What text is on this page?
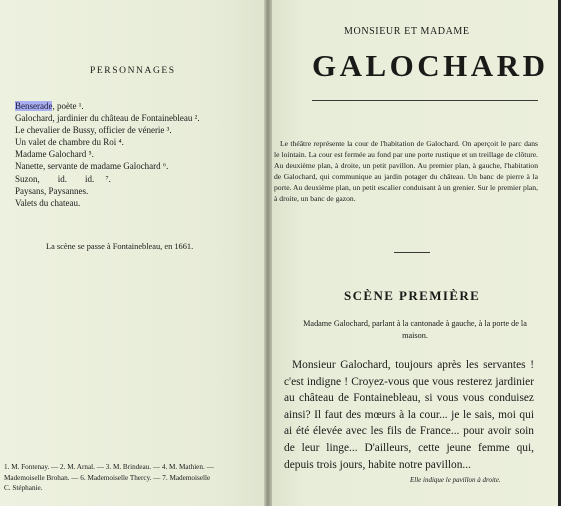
PERSONNAGES
Benserade, poète ¹.
Galochard, jardinier du château de Fontainebleau ².
Le chevalier de Bussy, officier de vénerie ³.
Un valet de chambre du Roi ⁴.
Madame Galochard ⁵.
Nanette, servante de madame Galochard ⁶.
Suzon,        id.        id.     ⁷.
Paysans, Paysannes.
Valets du chateau.
La scène se passe à Fontainebleau, en 1661.
1. M. Fontenay. — 2. M. Arnal. — 3. M. Brindeau. — 4. M. Mathien. —
Mademoiselle Brohan. — 6. Mademoiselle Thercy. — 7. Mademoiselle
C. Stéphanie.
MONSIEUR ET MADAME
GALOCHARD
Le théâtre représente la cour de l'habitation de Galochard. On aperçoit le parc dans le lointain. La cour est fermée au fond par une porte rustique et un treillage de clôture. Au deuxième plan, à droite, un petit pavillon. Au premier plan, à gauche, l'habitation de Galochard, qui communique au jardin potager du château. Un banc de pierre à la porte. Au deuxième plan, un petit escalier conduisant à un grenier. Sur le premier plan, à droite, un banc de gazon.
SCÈNE PREMIÈRE
Madame Galochard, parlant à la cantonade à gauche, à la porte de la maison.
Monsieur Galochard, toujours après les servantes ! c'est indigne ! Croyez-vous que vous resterez jardinier au château de Fontainebleau, si vous vous conduisez ainsi? Il faut des mœurs à la cour... je le sais, moi qui ai été élevée avec les fils de France... pour avoir soin de leur linge... D'ailleurs, cette jeune femme qui, depuis trois jours, habite notre pavillon...
Elle indique le pavillon à droite.
